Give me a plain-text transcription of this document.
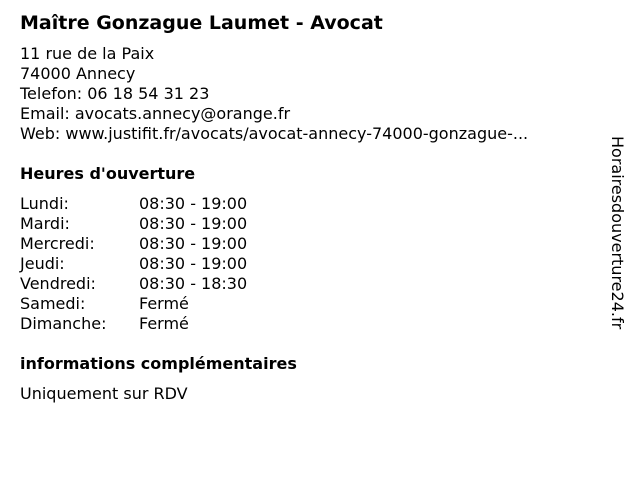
Maître Gonzague Laumet - Avocat
11 rue de la Paix
74000 Annecy
Telefon: 06 18 54 31 23
Email: avocats.annecy@orange.fr
Web: www.justifit.fr/avocats/avocat-annecy-74000-gonzague-...
Heures d'ouverture
Lundi:	08:30 - 19:00
Mardi:	08:30 - 19:00
Mercredi:	08:30 - 19:00
Jeudi:	08:30 - 19:00
Vendredi:	08:30 - 18:30
Samedi:	Fermé
Dimanche:	Fermé
informations complémentaires
Uniquement sur RDV
Horairesdouverture24.fr
